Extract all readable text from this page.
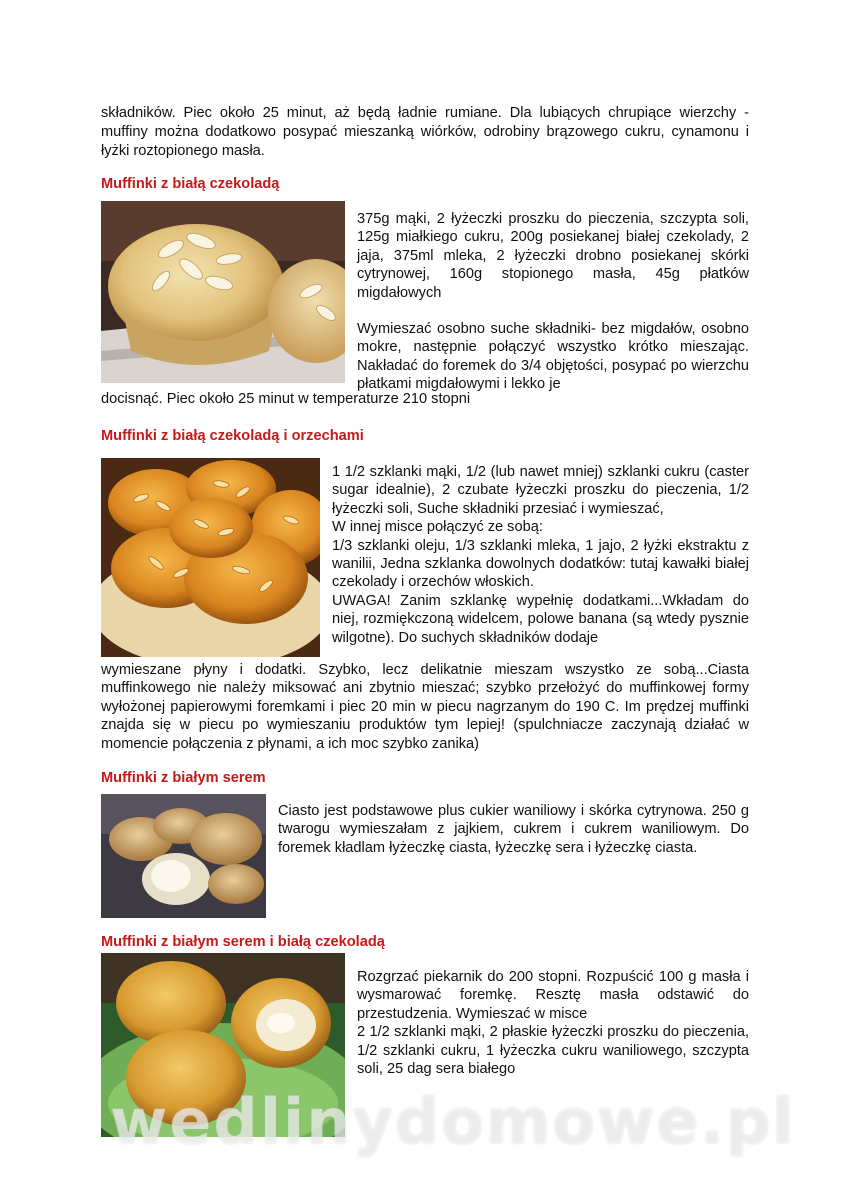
składników. Piec około 25 minut, aż będą ładnie rumiane. Dla lubiących chrupiące wierzchy - muffiny można dodatkowo posypać mieszanką wiórków, odrobiny brązowego cukru, cynamonu i łyżki roztopionego masła.

Muffinki z białą czekoladą

375g mąki, 2 łyżeczki proszku do pieczenia, szczypta soli, 125g miałkiego cukru, 200g posiekanej białej czekolady, 2 jaja, 375ml mleka, 2 łyżeczki drobno posiekanej skórki cytrynowej, 160g stopionego masła, 45g płatków migdałowych

Wymieszać osobno suche składniki- bez migdałów, osobno mokre, następnie połączyć wszystko krótko mieszając. Nakładać do foremek do 3/4 objętości, posypać po wierzchu płatkami migdałowymi i lekko je

docisnąć. Piec około 25 minut w temperaturze 210 stopni

Muffinki z białą czekoladą i orzechami

1 1/2 szklanki mąki, 1/2 (lub nawet mniej) szklanki cukru (caster sugar idealnie), 2 czubate łyżeczki proszku do pieczenia, 1/2 łyżeczki soli, Suche składniki przesiać i wymieszać,

W innej misce połączyć ze sobą:

1/3 szklanki oleju, 1/3 szklanki mleka, 1 jajo, 2 łyżki ekstraktu z wanilii, Jedna szklanka dowolnych dodatków: tutaj kawałki białej czekolady i orzechów włoskich.

UWAGA! Zanim szklankę wypełnię dodatkami...Wkładam do niej, rozmiękczoną widelcem, polowe banana (są wtedy pysznie wilgotne). Do suchych składników dodaje

wymieszane płyny i dodatki. Szybko, lecz delikatnie mieszam wszystko ze sobą...Ciasta muffinkowego nie należy miksować ani zbytnio mieszać; szybko przełożyć do muffinkowej formy wyłożonej papierowymi foremkami i piec 20 min w piecu nagrzanym do 190 C. Im prędzej muffinki znajda się w piecu po wymieszaniu produktów tym lepiej! (spulchniacze zaczynają działać w momencie połączenia z płynami, a ich moc szybko zanika)

Muffinki z białym serem

Ciasto jest podstawowe plus cukier waniliowy i skórka cytrynowa. 250 g twarogu wymieszałam z jajkiem, cukrem i cukrem waniliowym. Do foremek kładlam łyżeczkę ciasta, łyżeczkę sera i łyżeczkę ciasta.

Muffinki z białym serem i białą czekoladą

Rozgrzać piekarnik do 200 stopni. Rozpuścić 100 g masła i wysmarować foremkę. Resztę masła odstawić do przestudzenia. Wymieszać w misce

2 1/2 szklanki mąki, 2 płaskie łyżeczki proszku do pieczenia, 1/2 szklanki cukru, 1 łyżeczka cukru waniliowego, szczypta soli, 25 dag sera białego

wedlinydomowe.pl
